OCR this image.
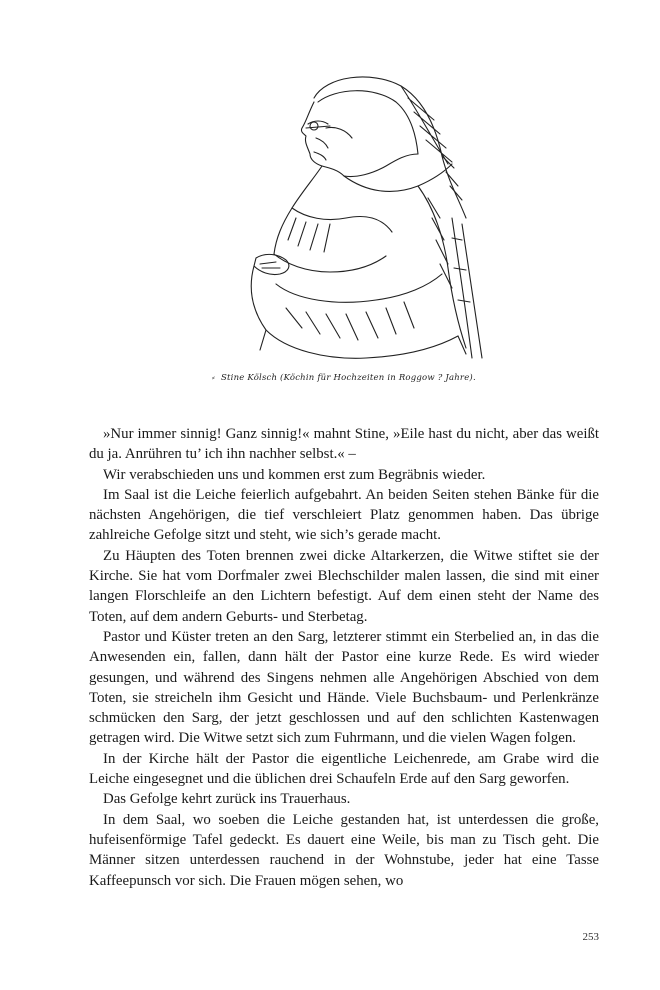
⸗ Stine Kölsch (Köchin für Hochzeiten in Roggow ? Jahre).

»Nur immer sinnig! Ganz sinnig!« mahnt Stine, »Eile hast du nicht, aber das weißt du ja. Anrühren tu’ ich ihn nachher selbst.« –

Wir verabschieden uns und kommen erst zum Begräbnis wieder.

Im Saal ist die Leiche feierlich aufgebahrt. An beiden Seiten stehen Bänke für die nächsten Angehörigen, die tief verschleiert Platz genommen haben. Das übrige zahlreiche Gefolge sitzt und steht, wie sich’s gerade macht.

Zu Häupten des Toten brennen zwei dicke Altarkerzen, die Witwe stiftet sie der Kirche. Sie hat vom Dorfmaler zwei Blechschilder malen lassen, die sind mit einer langen Florschleife an den Lichtern befestigt. Auf dem einen steht der Name des Toten, auf dem andern Geburts- und Sterbetag.

Pastor und Küster treten an den Sarg, letzterer stimmt ein Sterbelied an, in das die Anwesenden ein, fallen, dann hält der Pastor eine kurze Rede. Es wird wieder gesungen, und während des Singens nehmen alle Angehörigen Abschied von dem Toten, sie streicheln ihm Gesicht und Hände. Viele Buchsbaum- und Perlenkränze schmücken den Sarg, der jetzt geschlossen und auf den schlichten Kastenwagen getragen wird. Die Witwe setzt sich zum Fuhrmann, und die vielen Wagen folgen.

In der Kirche hält der Pastor die eigentliche Leichenrede, am Grabe wird die Leiche eingesegnet und die üblichen drei Schaufeln Erde auf den Sarg geworfen.

Das Gefolge kehrt zurück ins Trauerhaus.

In dem Saal, wo soeben die Leiche gestanden hat, ist unterdessen die große, hufeisenförmige Tafel gedeckt. Es dauert eine Weile, bis man zu Tisch geht. Die Männer sitzen unterdessen rauchend in der Wohnstube, jeder hat eine Tasse Kaffeepunsch vor sich. Die Frauen mögen sehen, wo

253
